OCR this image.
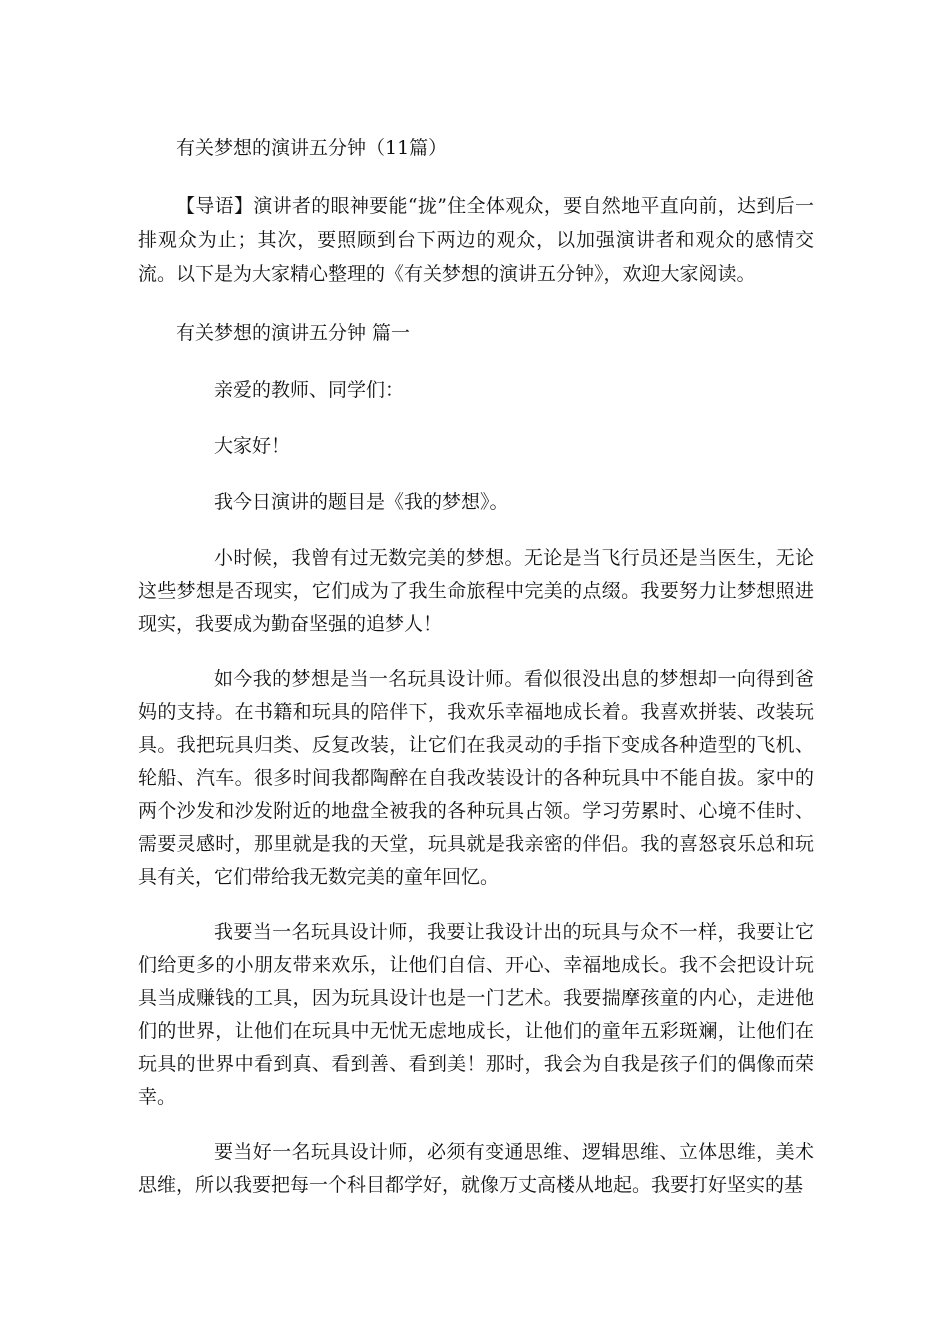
有关梦想的演讲五分钟（11篇）

【导语】演讲者的眼神要能“拢”住全体观众，要自然地平直向前，达到后一排观众为止；其次，要照顾到台下两边的观众，以加强演讲者和观众的感情交流。以下是为大家精心整理的《有关梦想的演讲五分钟》，欢迎大家阅读。

有关梦想的演讲五分钟 篇一

亲爱的教师、同学们：

大家好！

我今日演讲的题目是《我的梦想》。

小时候，我曾有过无数完美的梦想。无论是当飞行员还是当医生，无论这些梦想是否现实，它们成为了我生命旅程中完美的点缀。我要努力让梦想照进现实，我要成为勤奋坚强的追梦人！

如今我的梦想是当一名玩具设计师。看似很没出息的梦想却一向得到爸妈的支持。在书籍和玩具的陪伴下，我欢乐幸福地成长着。我喜欢拼装、改装玩具。我把玩具归类、反复改装，让它们在我灵动的手指下变成各种造型的飞机、轮船、汽车。很多时间我都陶醉在自我改装设计的各种玩具中不能自拔。家中的两个沙发和沙发附近的地盘全被我的各种玩具占领。学习劳累时、心境不佳时、需要灵感时，那里就是我的天堂，玩具就是我亲密的伴侣。我的喜怒哀乐总和玩具有关，它们带给我无数完美的童年回忆。

我要当一名玩具设计师，我要让我设计出的玩具与众不一样，我要让它们给更多的小朋友带来欢乐，让他们自信、开心、幸福地成长。我不会把设计玩具当成赚钱的工具，因为玩具设计也是一门艺术。我要揣摩孩童的内心，走进他们的世界，让他们在玩具中无忧无虑地成长，让他们的童年五彩斑斓，让他们在玩具的世界中看到真、看到善、看到美！那时，我会为自我是孩子们的偶像而荣幸。

要当好一名玩具设计师，必须有变通思维、逻辑思维、立体思维，美术思维，所以我要把每一个科目都学好，就像万丈高楼从地起。我要打好坚实的基
